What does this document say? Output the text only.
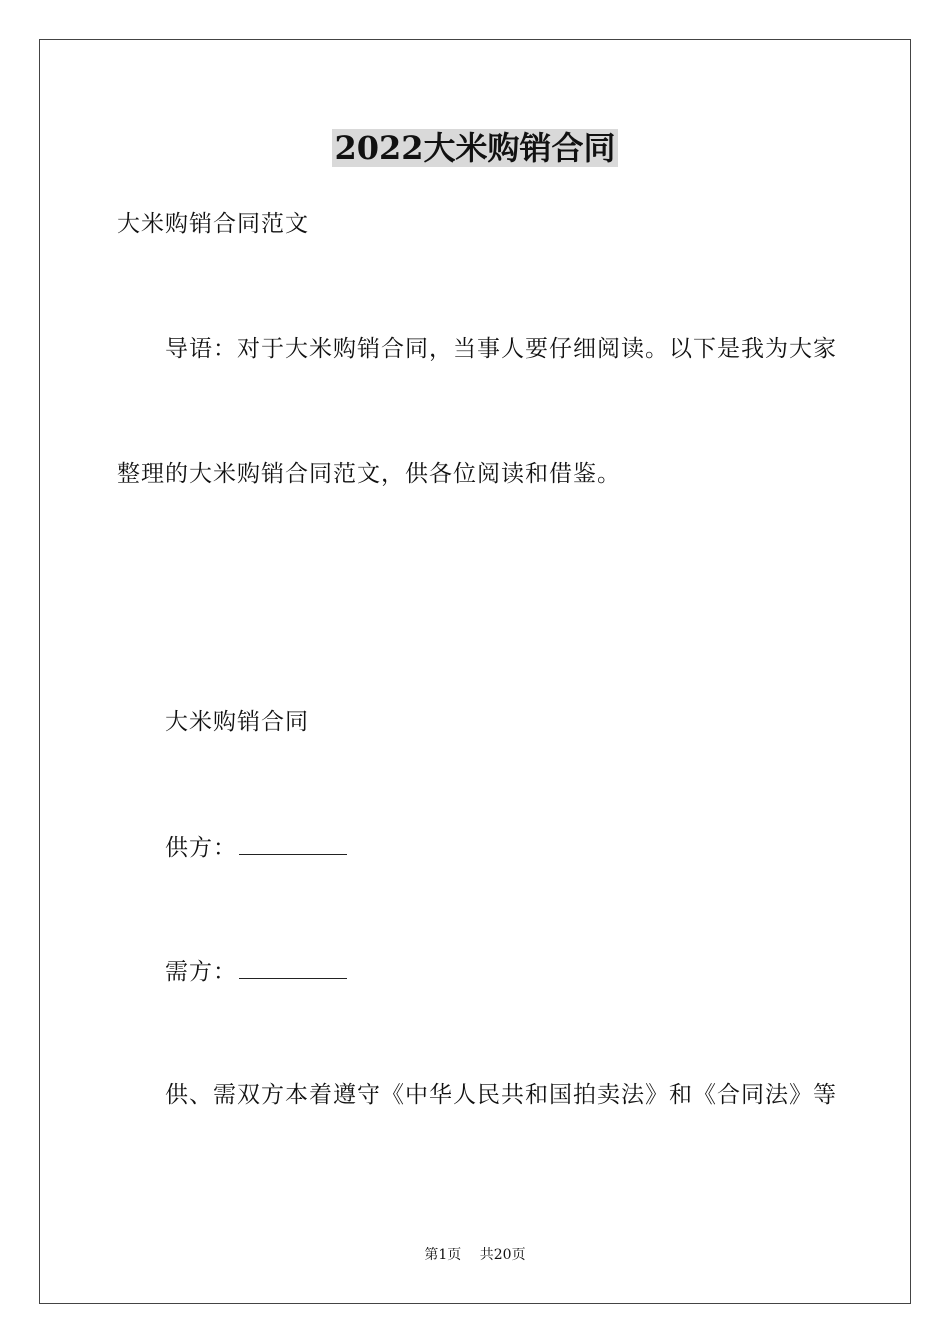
2022大米购销合同
大米购销合同范文
导语：对于大米购销合同，当事人要仔细阅读。以下是我为大家
整理的大米购销合同范文，供各位阅读和借鉴。
大米购销合同
供方：
需方：
供、需双方本着遵守《中华人民共和国拍卖法》和《合同法》等
第1页 共20页
